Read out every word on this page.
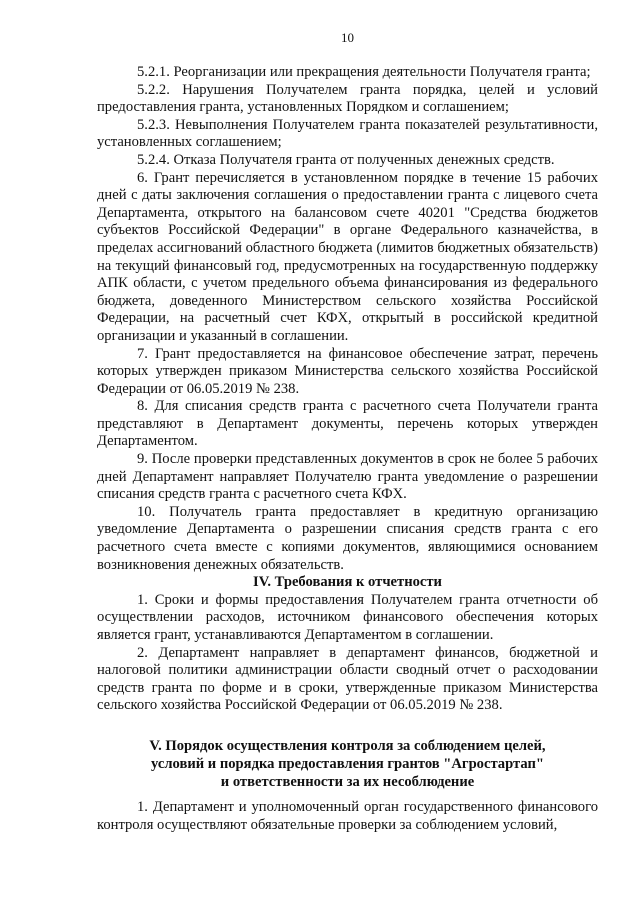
10

5.2.1. Реорганизации или прекращения деятельности Получателя гранта;

5.2.2. Нарушения Получателем гранта порядка, целей и условий предоставления гранта, установленных Порядком и соглашением;

5.2.3. Невыполнения Получателем гранта показателей результативности, установленных соглашением;

5.2.4. Отказа Получателя гранта от полученных денежных средств.

6. Грант перечисляется в установленном порядке в течение 15 рабочих дней с даты заключения соглашения о предоставлении гранта с лицевого счета Департамента, открытого на балансовом счете 40201 "Средства бюджетов субъектов Российской Федерации" в органе Федерального казначейства, в пределах ассигнований областного бюджета (лимитов бюджетных обязательств) на текущий финансовый год, предусмотренных на государственную поддержку АПК области, с учетом предельного объема финансирования из федерального бюджета, доведенного Министерством сельского хозяйства Российской Федерации, на расчетный счет КФХ, открытый в российской кредитной организации и указанный в соглашении.

7. Грант предоставляется на финансовое обеспечение затрат, перечень которых утвержден приказом Министерства сельского хозяйства Российской Федерации от 06.05.2019 № 238.

8. Для списания средств гранта с расчетного счета Получатели гранта представляют в Департамент документы, перечень которых утвержден Департаментом.

9. После проверки представленных документов в срок не более 5 рабочих дней Департамент направляет Получателю гранта уведомление о разрешении списания средств гранта с расчетного счета КФХ.

10. Получатель гранта предоставляет в кредитную организацию уведомление Департамента о разрешении списания средств гранта с его расчетного счета вместе с копиями документов, являющимися основанием возникновения денежных обязательств.

IV. Требования к отчетности

1. Сроки и формы предоставления Получателем гранта отчетности об осуществлении расходов, источником финансового обеспечения которых является грант, устанавливаются Департаментом в соглашении.

2. Департамент направляет в департамент финансов, бюджетной и налоговой политики администрации области сводный отчет о расходовании средств гранта по форме и в сроки, утвержденные приказом Министерства сельского хозяйства Российской Федерации от 06.05.2019 № 238.

V. Порядок осуществления контроля за соблюдением целей,
условий и порядка предоставления грантов "Агростартап"
и ответственности за их несоблюдение

1. Департамент и уполномоченный орган государственного финансового контроля осуществляют обязательные проверки за соблюдением условий,
